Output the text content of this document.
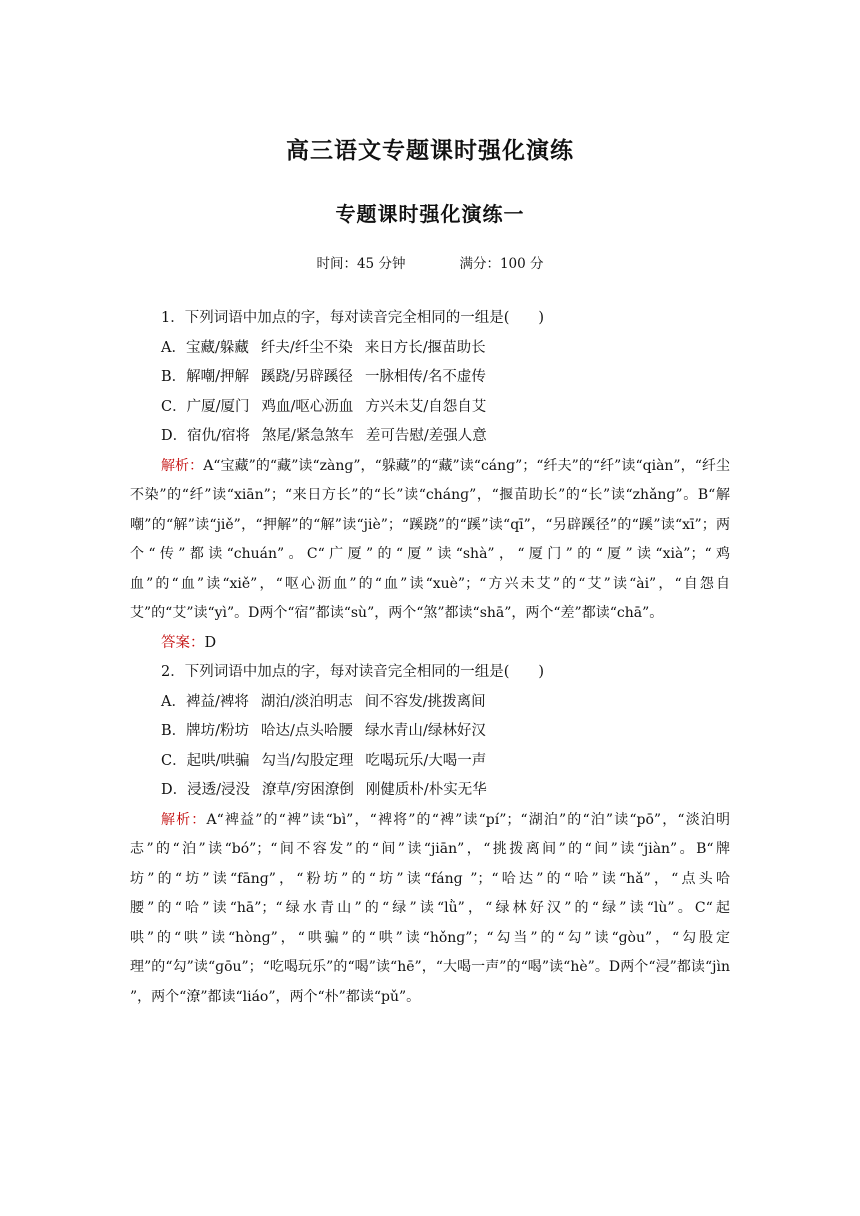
高三语文专题课时强化演练
专题课时强化演练一
时间：45 分钟	满分：100 分
1．下列词语中加点的字，每对读音完全相同的一组是(　　)
A．宝藏/躲藏 纤夫/纤尘不染 来日方长/揠苗助长
B．解嘲/押解 蹊跷/另辟蹊径 一脉相传/名不虚传
C．广厦/厦门 鸡血/呕心沥血 方兴未艾/自怨自艾
D．宿仇/宿将 煞尾/紧急煞车 差可告慰/差强人意
解析：A“宝藏”的“藏”读“zànɡ”，“躲藏”的“藏”读“cánɡ”；“纤夫”的“纤”读“qiàn”，“纤尘不染”的“纤”读“xiān”；“来日方长”的“长”读“chánɡ”，“揠苗助长”的“长”读“zhǎnɡ”。B“解嘲”的“解”读“jiě”，“押解”的“解”读“jiè”；“蹊跷”的“蹊”读“qī”，“另辟蹊径”的“蹊”读“xī”；两个“传”都读“chuán”。C“广厦”的“厦”读“shà”，“厦门”的“厦”读“xià”；“鸡血”的“血”读“xiě”，“呕心沥血”的“血”读“xuè”；“方兴未艾”的“艾”读“ài”，“自怨自艾”的“艾”读“yì”。D两个“宿”都读“sù”，两个“煞”都读“shā”，两个“差”都读“chā”。
答案：D
2．下列词语中加点的字，每对读音完全相同的一组是(　　)
A．裨益/裨将 湖泊/淡泊明志 间不容发/挑拨离间
B．牌坊/粉坊 哈达/点头哈腰 绿水青山/绿林好汉
C．起哄/哄骗 勾当/勾股定理 吃喝玩乐/大喝一声
D．浸透/浸没 潦草/穷困潦倒 刚健质朴/朴实无华
解析：A“裨益”的“裨”读“bì”，“裨将”的“裨”读“pí”；“湖泊”的“泊”读“pō”，“淡泊明志”的“泊”读“bó”；“间不容发”的“间”读“jiān”，“挑拨离间”的“间”读“jiàn”。B“牌坊”的“坊”读“fānɡ”，“粉坊”的“坊”读“fánɡ ”；“哈达”的“哈”读“hǎ”，“点头哈腰”的“哈”读“hā”；“绿水青山”的“绿”读“lǜ”，“绿林好汉”的“绿”读“lù”。C“起哄”的“哄”读“hònɡ”，“哄骗”的“哄”读“hǒnɡ”；“勾当”的“勾”读“ɡòu”，“勾股定理”的“勾”读“ɡōu”；“吃喝玩乐”的“喝”读“hē”，“大喝一声”的“喝”读“hè”。D两个“浸”都读“jìn ”，两个“潦”都读“liáo”，两个“朴”都读“pǔ”。
